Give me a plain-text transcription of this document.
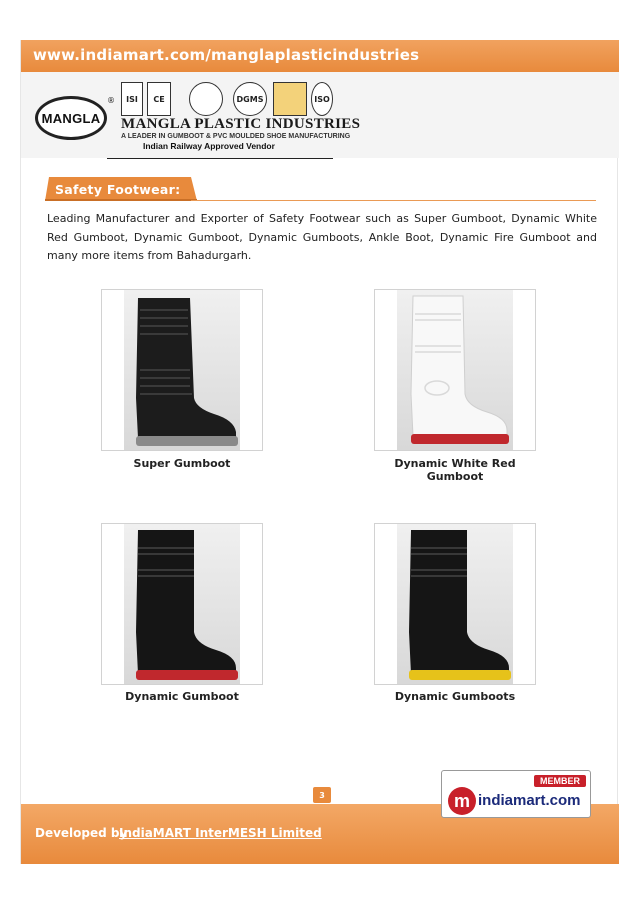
www.indiamart.com/manglaplasticindustries
MANGLA
® ISI CE	DGMS	ISO
MANGLA PLASTIC INDUSTRIES
A LEADER IN GUMBOOT & PVC MOULDED SHOE MANUFACTURING
Indian Railway Approved Vendor
Safety Footwear:

Leading Manufacturer and Exporter of Safety Footwear such as Super Gumboot, Dynamic White Red Gumboot, Dynamic Gumboot, Dynamic Gumboots, Ankle Boot, Dynamic Fire Gumboot and many more items from Bahadurgarh.

Super Gumboot	Dynamic White Red Gumboot
Dynamic Gumboot	Dynamic Gumboots
3
Developed by
IndiaMART InterMESH Limited
MEMBER
m indiamart.com
